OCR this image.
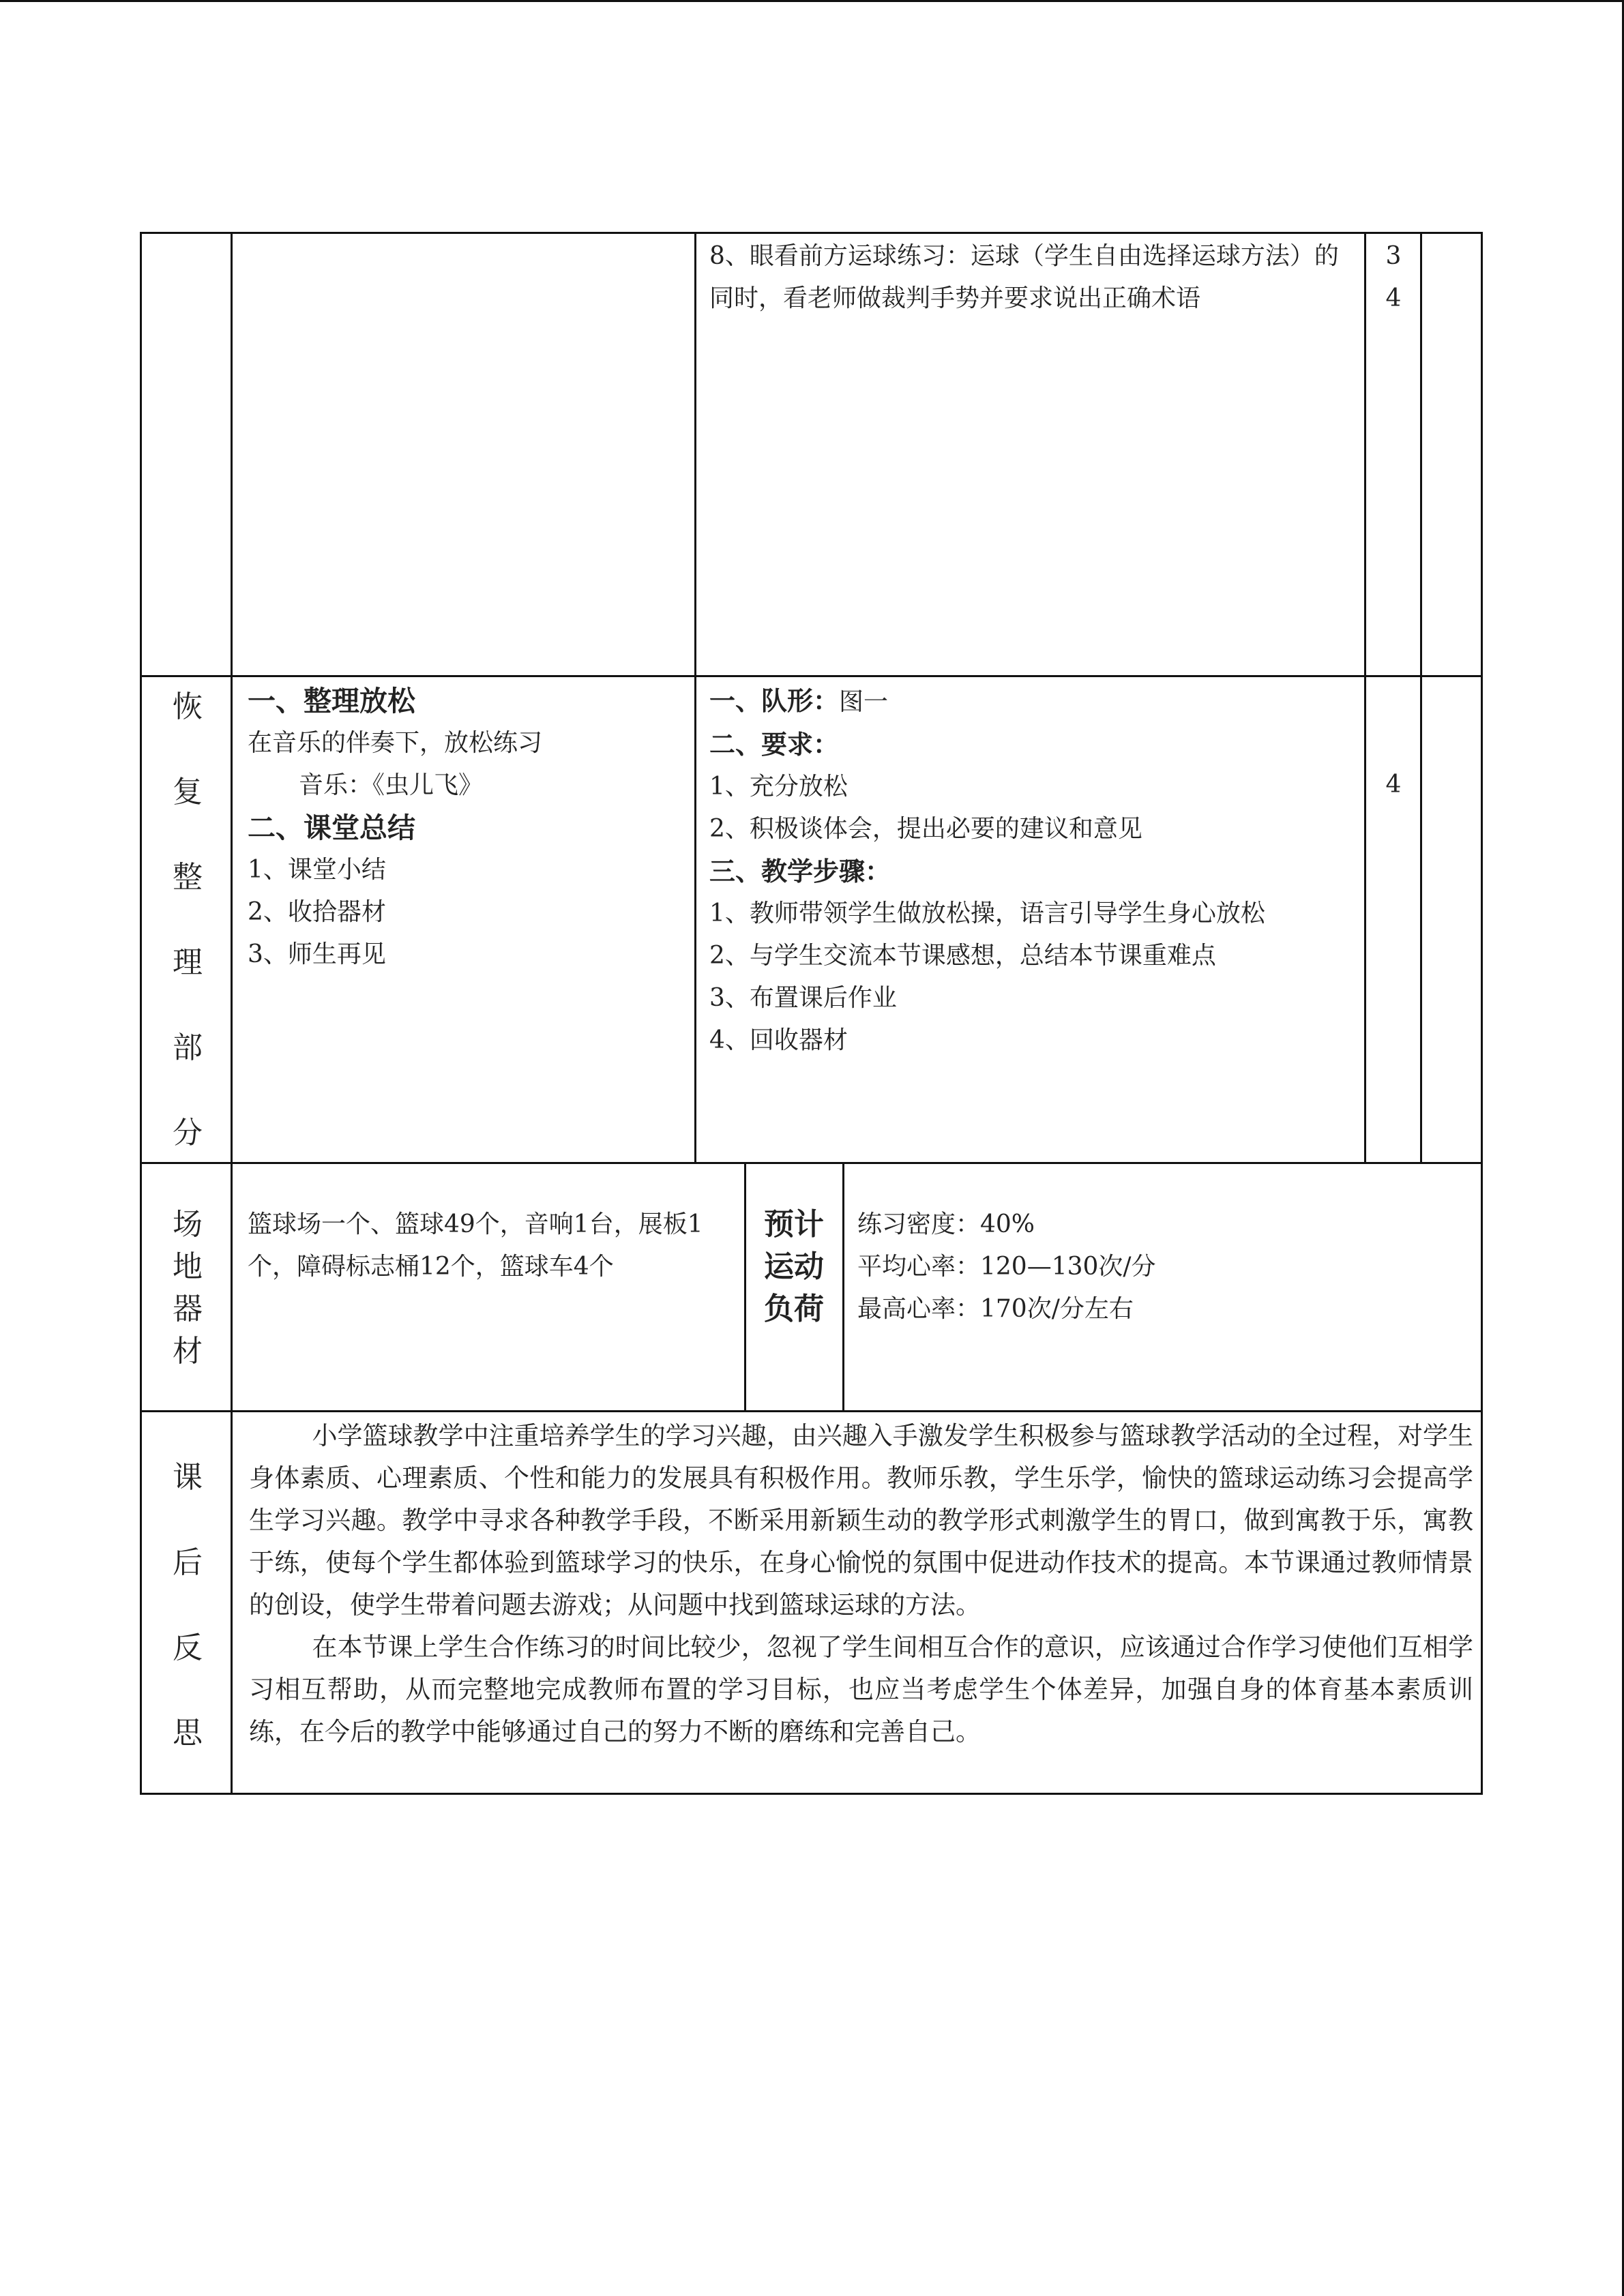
8、眼看前方运球练习：运球（学生自由选择运球方法）的同时，看老师做裁判手势并要求说出正确术语
3
4
恢
复
整
理
部
分
一、整理放松
在音乐的伴奏下，放松练习
音乐：《虫儿飞》
二、课堂总结
1、课堂小结
2、收拾器材
3、师生再见
一、队形：图一
二、要求：
1、充分放松
2、积极谈体会，提出必要的建议和意见
三、教学步骤：
1、教师带领学生做放松操，语言引导学生身心放松
2、与学生交流本节课感想，总结本节课重难点
3、布置课后作业
4、回收器材
4
场
地
器
材
篮球场一个、篮球49个，音响1台，展板1个，障碍标志桶12个，篮球车4个
预计运动负荷
练习密度：40%
平均心率：120—130次/分
最高心率：170次/分左右
课
后
反
思
小学篮球教学中注重培养学生的学习兴趣，由兴趣入手激发学生积极参与篮球教学活动的全过程，对学生身体素质、心理素质、个性和能力的发展具有积极作用。教师乐教，学生乐学，愉快的篮球运动练习会提高学生学习兴趣。教学中寻求各种教学手段，不断采用新颖生动的教学形式刺激学生的胃口，做到寓教于乐，寓教于练，使每个学生都体验到篮球学习的快乐，在身心愉悦的氛围中促进动作技术的提高。本节课通过教师情景的创设，使学生带着问题去游戏；从问题中找到篮球运球的方法。
在本节课上学生合作练习的时间比较少，忽视了学生间相互合作的意识，应该通过合作学习使他们互相学习相互帮助，从而完整地完成教师布置的学习目标，也应当考虑学生个体差异，加强自身的体育基本素质训练，在今后的教学中能够通过自己的努力不断的磨练和完善自己。
